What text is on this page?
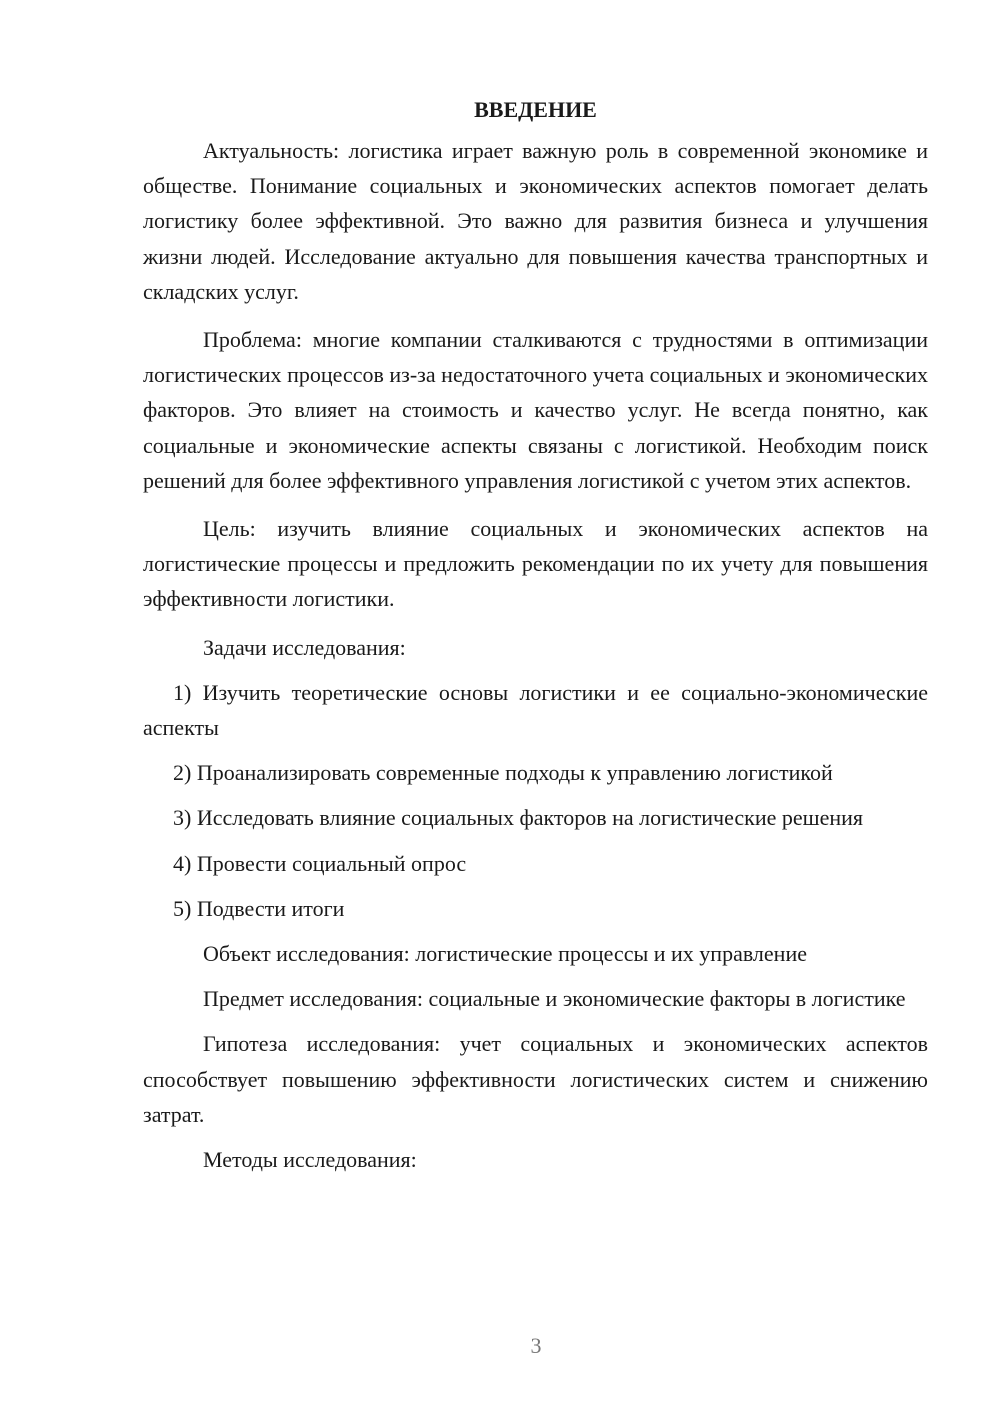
ВВЕДЕНИЕ

Актуальность: логистика играет важную роль в современной экономике и обществе. Понимание социальных и экономических аспектов помогает делать логистику более эффективной. Это важно для развития бизнеса и улучшения жизни людей. Исследование актуально для повышения качества транспортных и складских услуг.

Проблема: многие компании сталкиваются с трудностями в оптимизации логистических процессов из-за недостаточного учета социальных и экономических факторов. Это влияет на стоимость и качество услуг. Не всегда понятно, как социальные и экономические аспекты связаны с логистикой. Необходим поиск решений для более эффективного управления логистикой с учетом этих аспектов.

Цель: изучить влияние социальных и экономических аспектов на логистические процессы и предложить рекомендации по их учету для повышения эффективности логистики.

Задачи исследования:

1) Изучить теоретические основы логистики и ее социально-экономические аспекты

2) Проанализировать современные подходы к управлению логистикой

3) Исследовать влияние социальных факторов на логистические решения

4) Провести социальный опрос

5) Подвести итоги

Объект исследования: логистические процессы и их управление

Предмет исследования: социальные и экономические факторы в логистике

Гипотеза исследования: учет социальных и экономических аспектов способствует повышению эффективности логистических систем и снижению затрат.

Методы исследования:

3
